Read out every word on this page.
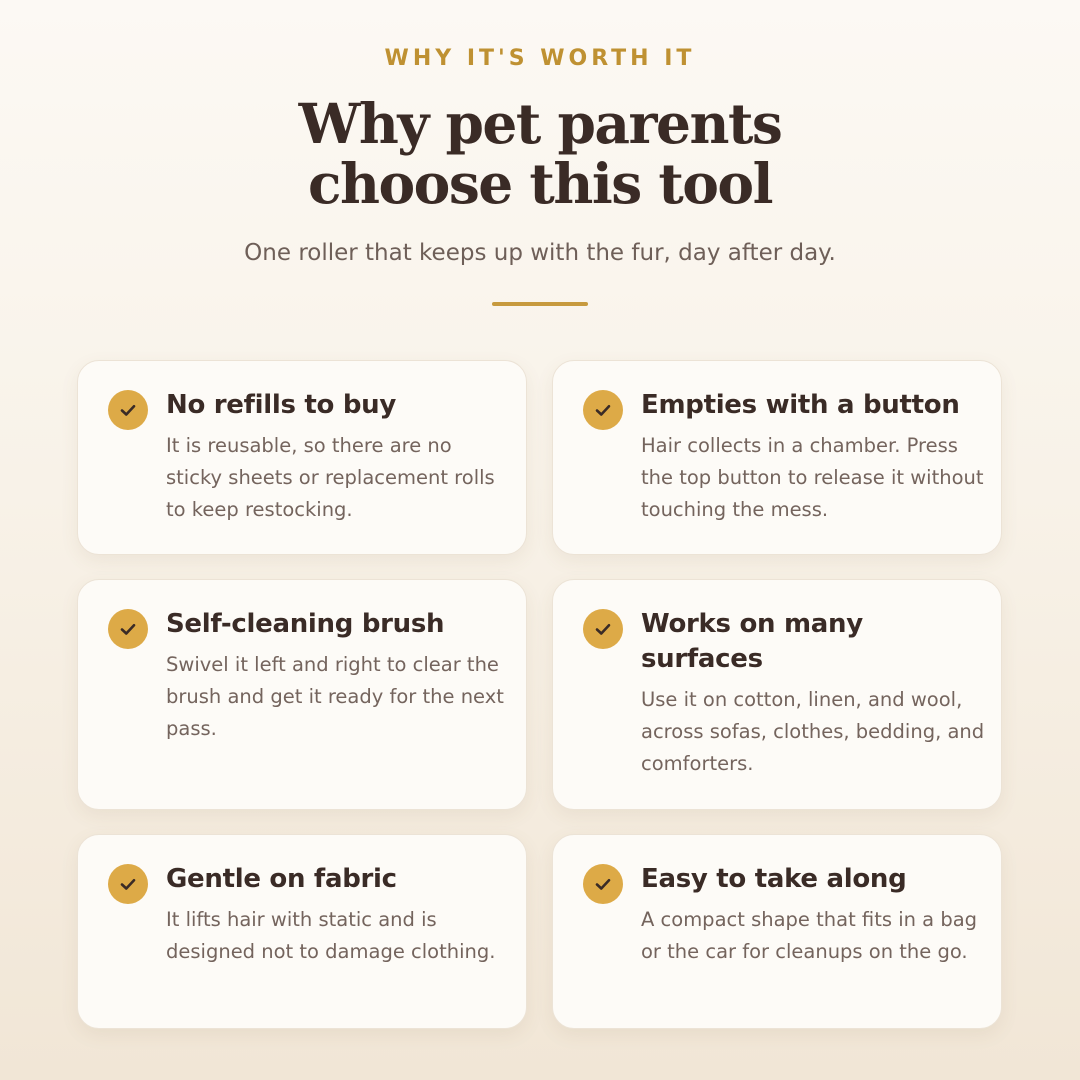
WHY IT'S WORTH IT
Why pet parents
choose this tool
One roller that keeps up with the fur, day after day.
No refills to buy

It is reusable, so there are no sticky sheets or replacement rolls to keep restocking.

Empties with a button

Hair collects in a chamber. Press the top button to release it without touching the mess.

Self-cleaning brush

Swivel it left and right to clear the brush and get it ready for the next pass.

Works on many surfaces

Use it on cotton, linen, and wool, across sofas, clothes, bedding, and comforters.

Gentle on fabric

It lifts hair with static and is designed not to damage clothing.

Easy to take along

A compact shape that fits in a bag or the car for cleanups on the go.
